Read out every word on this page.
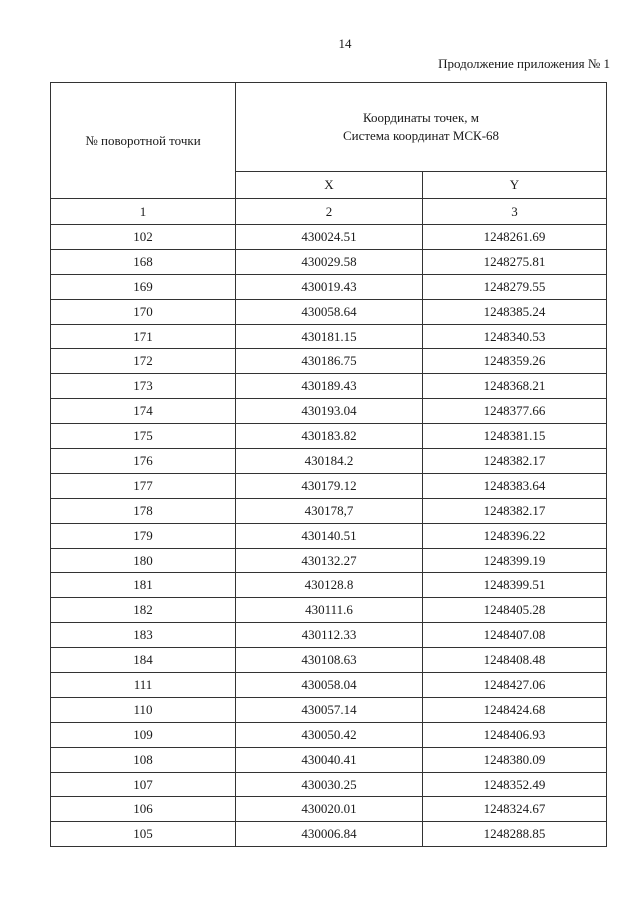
14
Продолжение приложения № 1
№ поворотной точки	Координаты точек, м
Система координат МСК-68	

	X	Y
1	2	3
102	430024.51	1248261.69
168	430029.58	1248275.81
169	430019.43	1248279.55
170	430058.64	1248385.24
171	430181.15	1248340.53
172	430186.75	1248359.26
173	430189.43	1248368.21
174	430193.04	1248377.66
175	430183.82	1248381.15
176	430184.2	1248382.17
177	430179.12	1248383.64
178	430178,7	1248382.17
179	430140.51	1248396.22
180	430132.27	1248399.19
181	430128.8	1248399.51
182	430111.6	1248405.28
183	430112.33	1248407.08
184	430108.63	1248408.48
111	430058.04	1248427.06
110	430057.14	1248424.68
109	430050.42	1248406.93
108	430040.41	1248380.09
107	430030.25	1248352.49
106	430020.01	1248324.67
105	430006.84	1248288.85
